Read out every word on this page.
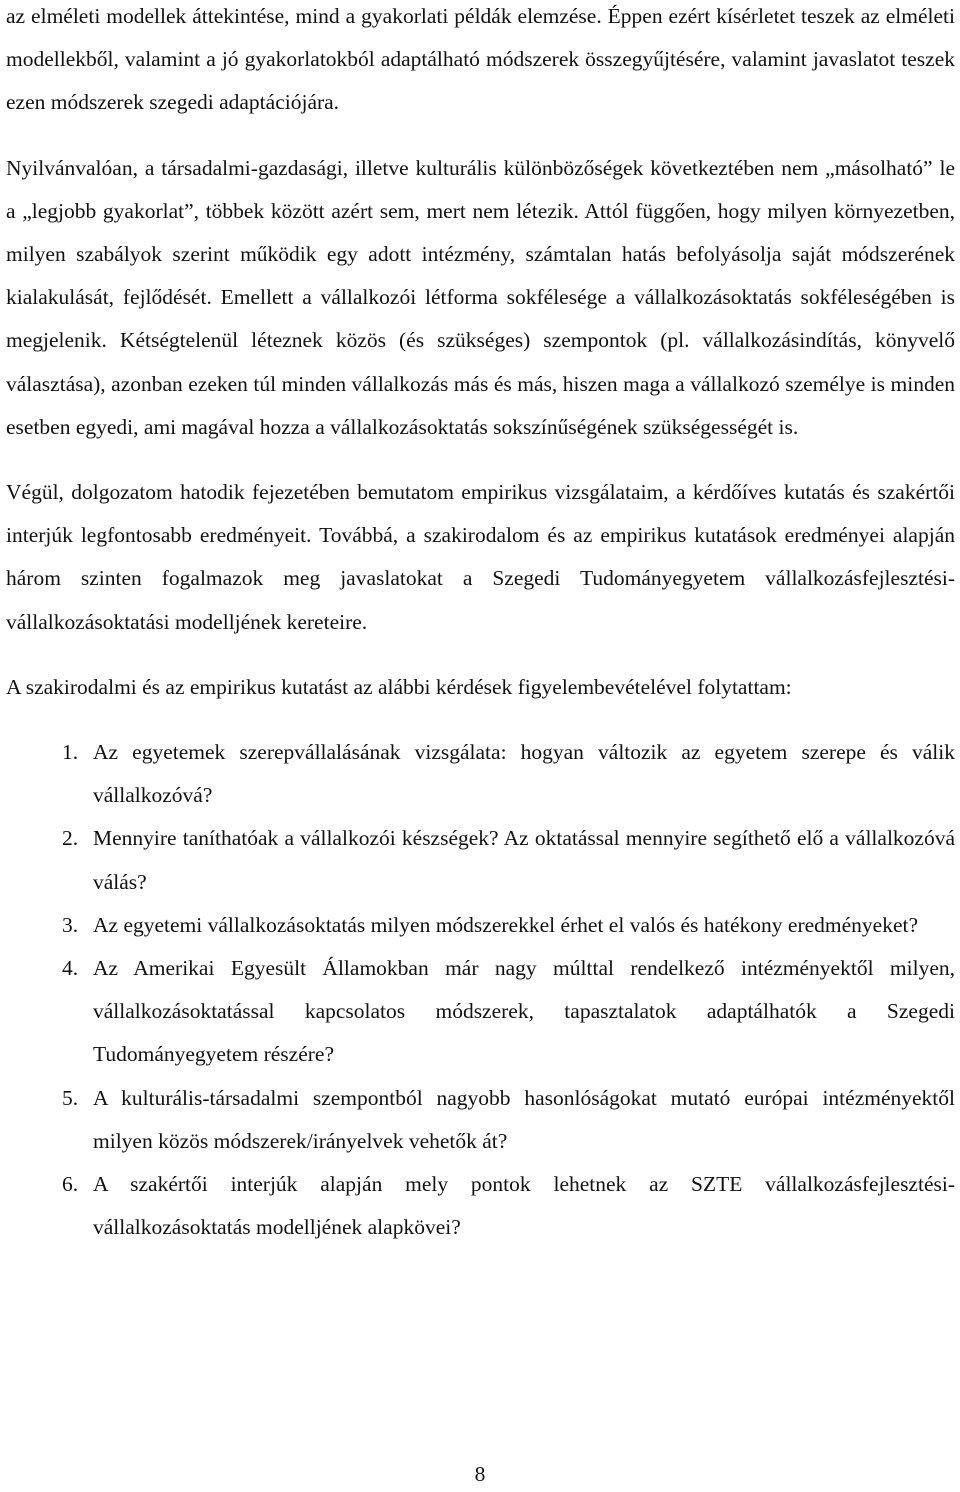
az elméleti modellek áttekintése, mind a gyakorlati példák elemzése. Éppen ezért kísérletet teszek az elméleti modellekből, valamint a jó gyakorlatokból adaptálható módszerek összegyűjtésére, valamint javaslatot teszek ezen módszerek szegedi adaptációjára.

Nyilvánvalóan, a társadalmi-gazdasági, illetve kulturális különbözőségek következtében nem „másolható” le a „legjobb gyakorlat”, többek között azért sem, mert nem létezik. Attól függően, hogy milyen környezetben, milyen szabályok szerint működik egy adott intézmény, számtalan hatás befolyásolja saját módszerének kialakulását, fejlődését. Emellett a vállalkozói létforma sokfélesége a vállalkozásoktatás sokféleségében is megjelenik. Kétségtelenül léteznek közös (és szükséges) szempontok (pl. vállalkozásindítás, könyvelő választása), azonban ezeken túl minden vállalkozás más és más, hiszen maga a vállalkozó személye is minden esetben egyedi, ami magával hozza a vállalkozásoktatás sokszínűségének szükségességét is.

Végül, dolgozatom hatodik fejezetében bemutatom empirikus vizsgálataim, a kérdőíves kutatás és szakértői interjúk legfontosabb eredményeit. Továbbá, a szakirodalom és az empirikus kutatások eredményei alapján három szinten fogalmazok meg javaslatokat a Szegedi Tudományegyetem vállalkozásfejlesztési-vállalkozásoktatási modelljének kereteire.

A szakirodalmi és az empirikus kutatást az alábbi kérdések figyelembevételével folytattam:

1. Az egyetemek szerepvállalásának vizsgálata: hogyan változik az egyetem szerepe és válik vállalkozóvá?
2. Mennyire taníthatóak a vállalkozói készségek? Az oktatással mennyire segíthető elő a vállalkozóvá válás?
3. Az egyetemi vállalkozásoktatás milyen módszerekkel érhet el valós és hatékony eredményeket?
4. Az Amerikai Egyesült Államokban már nagy múlttal rendelkező intézményektől milyen, vállalkozásoktatással kapcsolatos módszerek, tapasztalatok adaptálhatók a Szegedi Tudományegyetem részére?
5. A kulturális-társadalmi szempontból nagyobb hasonlóságokat mutató európai intézményektől milyen közös módszerek/irányelvek vehetők át?
6. A szakértői interjúk alapján mely pontok lehetnek az SZTE vállalkozásfejlesztési-vállalkozásoktatás modelljének alapkövei?
8
